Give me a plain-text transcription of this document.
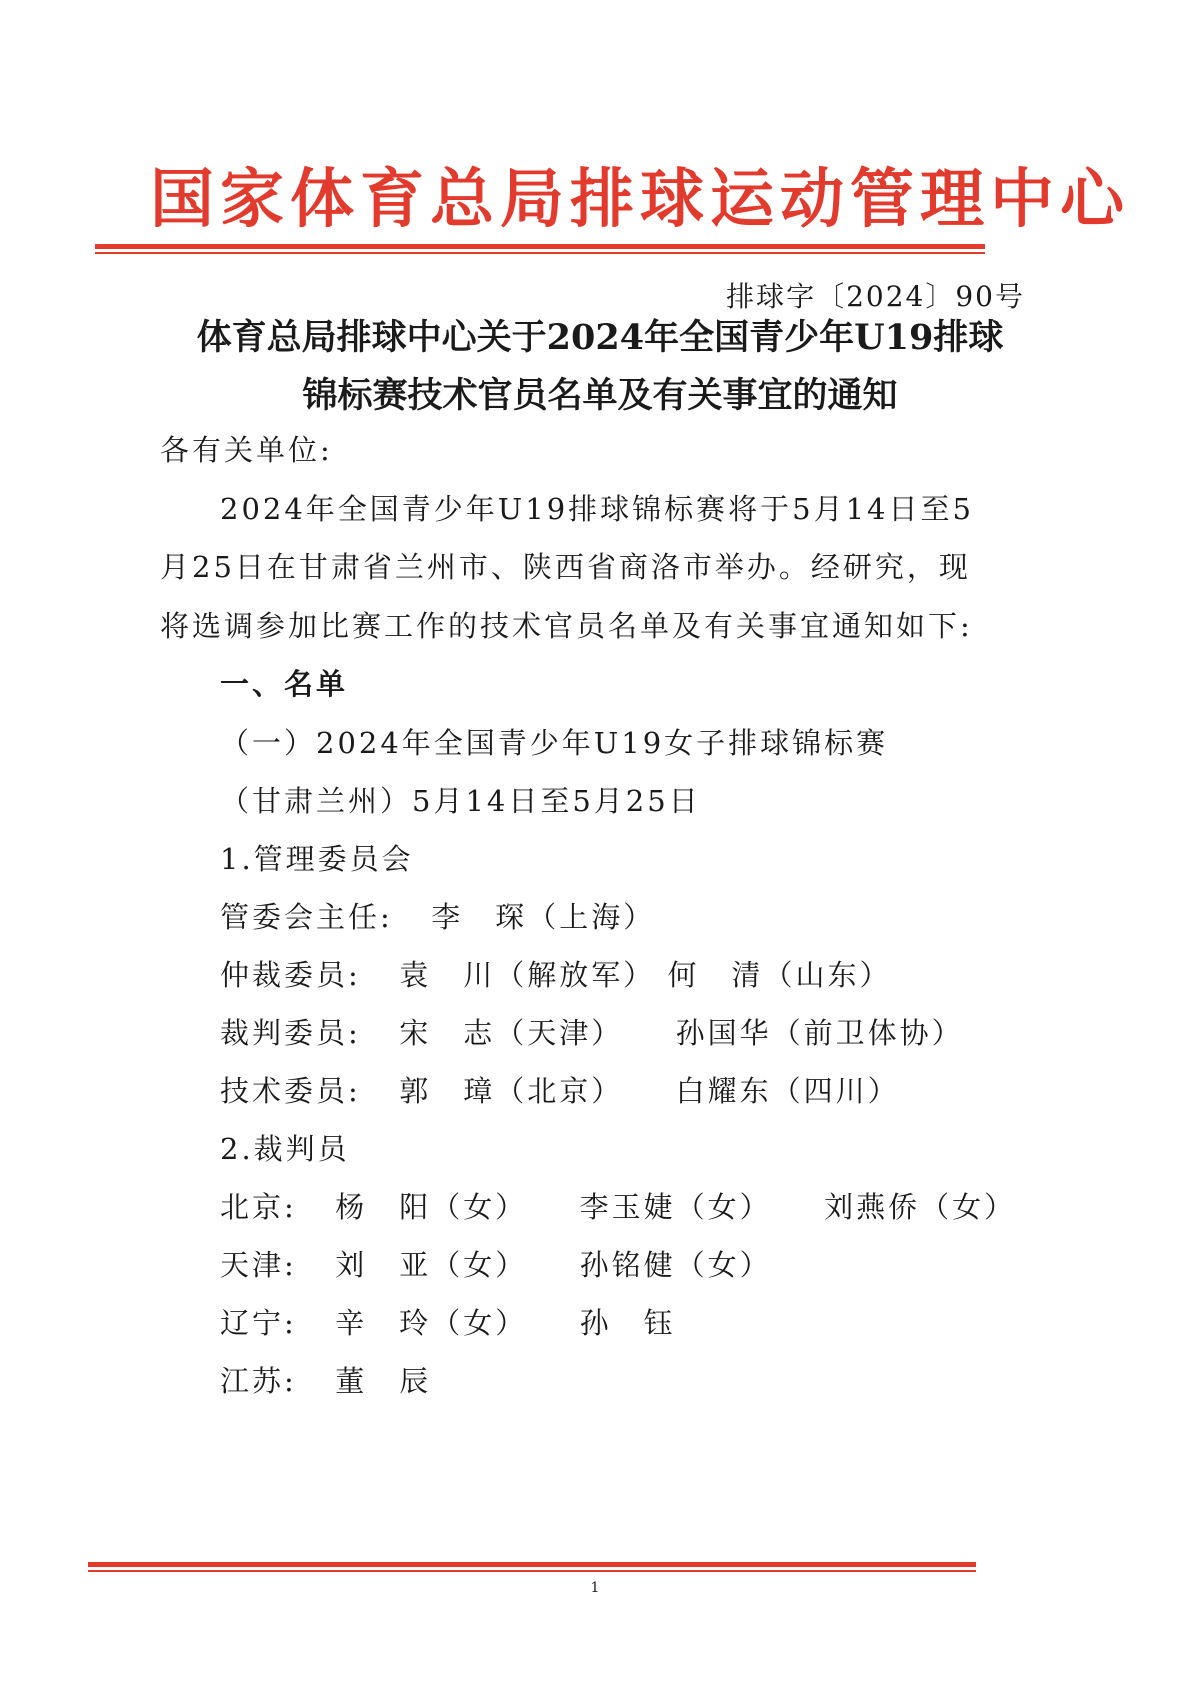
国家体育总局排球运动管理中心
排球字〔2024〕90号
体育总局排球中心关于2024年全国青少年U19排球
锦标赛技术官员名单及有关事宜的通知
各有关单位:
2024年全国青少年U19排球锦标赛将于5月14日至5
月25日在甘肃省兰州市、陕西省商洛市举办。经研究，现
将选调参加比赛工作的技术官员名单及有关事宜通知如下:
一、名单
（一）2024年全国青少年U19女子排球锦标赛
（甘肃兰州）5月14日至5月25日
1.管理委员会
管委会主任: 李　琛（上海）
仲裁委员: 袁　川（解放军） 何　清（山东）
裁判委员: 宋　志（天津） 孙国华（前卫体协）
技术委员: 郭　璋（北京） 白耀东（四川）
2.裁判员
北京: 杨　阳（女） 李玉婕（女） 刘燕侨（女）
天津: 刘　亚（女） 孙铭健（女）
辽宁: 辛　玲（女） 孙　钰
江苏: 董　辰
1
